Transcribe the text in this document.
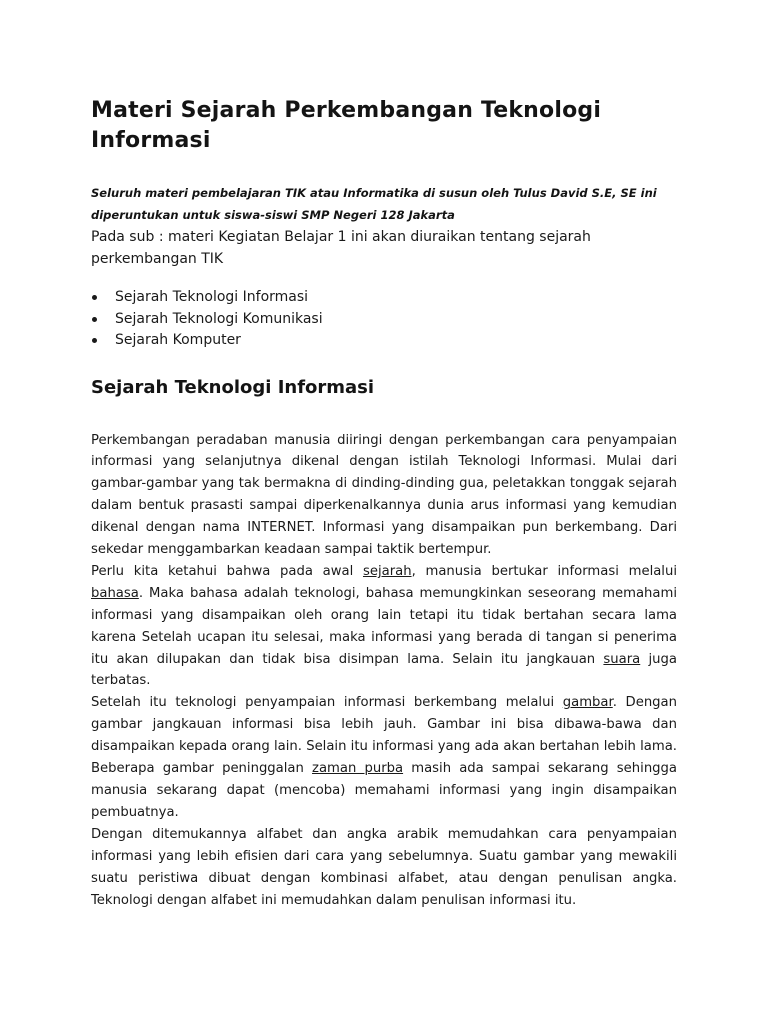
Materi Sejarah Perkembangan Teknologi Informasi

Seluruh materi pembelajaran TIK atau Informatika di susun oleh Tulus David S.E, SE ini diperuntukan untuk siswa-siswi SMP Negeri 128 Jakarta

Pada sub : materi Kegiatan Belajar 1 ini akan diuraikan tentang sejarah perkembangan TIK

Sejarah Teknologi Informasi
Sejarah Teknologi Komunikasi
Sejarah Komputer
Sejarah Teknologi Informasi

Perkembangan peradaban manusia diiringi dengan perkembangan cara penyampaian informasi yang selanjutnya dikenal dengan istilah Teknologi Informasi. Mulai dari gambar-gambar yang tak bermakna di dinding-dinding gua, peletakkan tonggak sejarah dalam bentuk prasasti sampai diperkenalkannya dunia arus informasi yang kemudian dikenal dengan nama INTERNET. Informasi yang disampaikan pun berkembang. Dari sekedar menggambarkan keadaan sampai taktik bertempur.

Perlu kita ketahui bahwa pada awal sejarah, manusia bertukar informasi melalui bahasa. Maka bahasa adalah teknologi, bahasa memungkinkan seseorang memahami informasi yang disampaikan oleh orang lain tetapi itu tidak bertahan secara lama karena Setelah ucapan itu selesai, maka informasi yang berada di tangan si penerima itu akan dilupakan dan tidak bisa disimpan lama. Selain itu jangkauan suara juga terbatas.

Setelah itu teknologi penyampaian informasi berkembang melalui gambar. Dengan gambar jangkauan informasi bisa lebih jauh. Gambar ini bisa dibawa-bawa dan disampaikan kepada orang lain. Selain itu informasi yang ada akan bertahan lebih lama. Beberapa gambar peninggalan zaman purba masih ada sampai sekarang sehingga manusia sekarang dapat (mencoba) memahami informasi yang ingin disampaikan pembuatnya.

Dengan ditemukannya alfabet dan angka arabik memudahkan cara penyampaian informasi yang lebih efisien dari cara yang sebelumnya. Suatu gambar yang mewakili suatu peristiwa dibuat dengan kombinasi alfabet, atau dengan penulisan angka. Teknologi dengan alfabet ini memudahkan dalam penulisan informasi itu.
